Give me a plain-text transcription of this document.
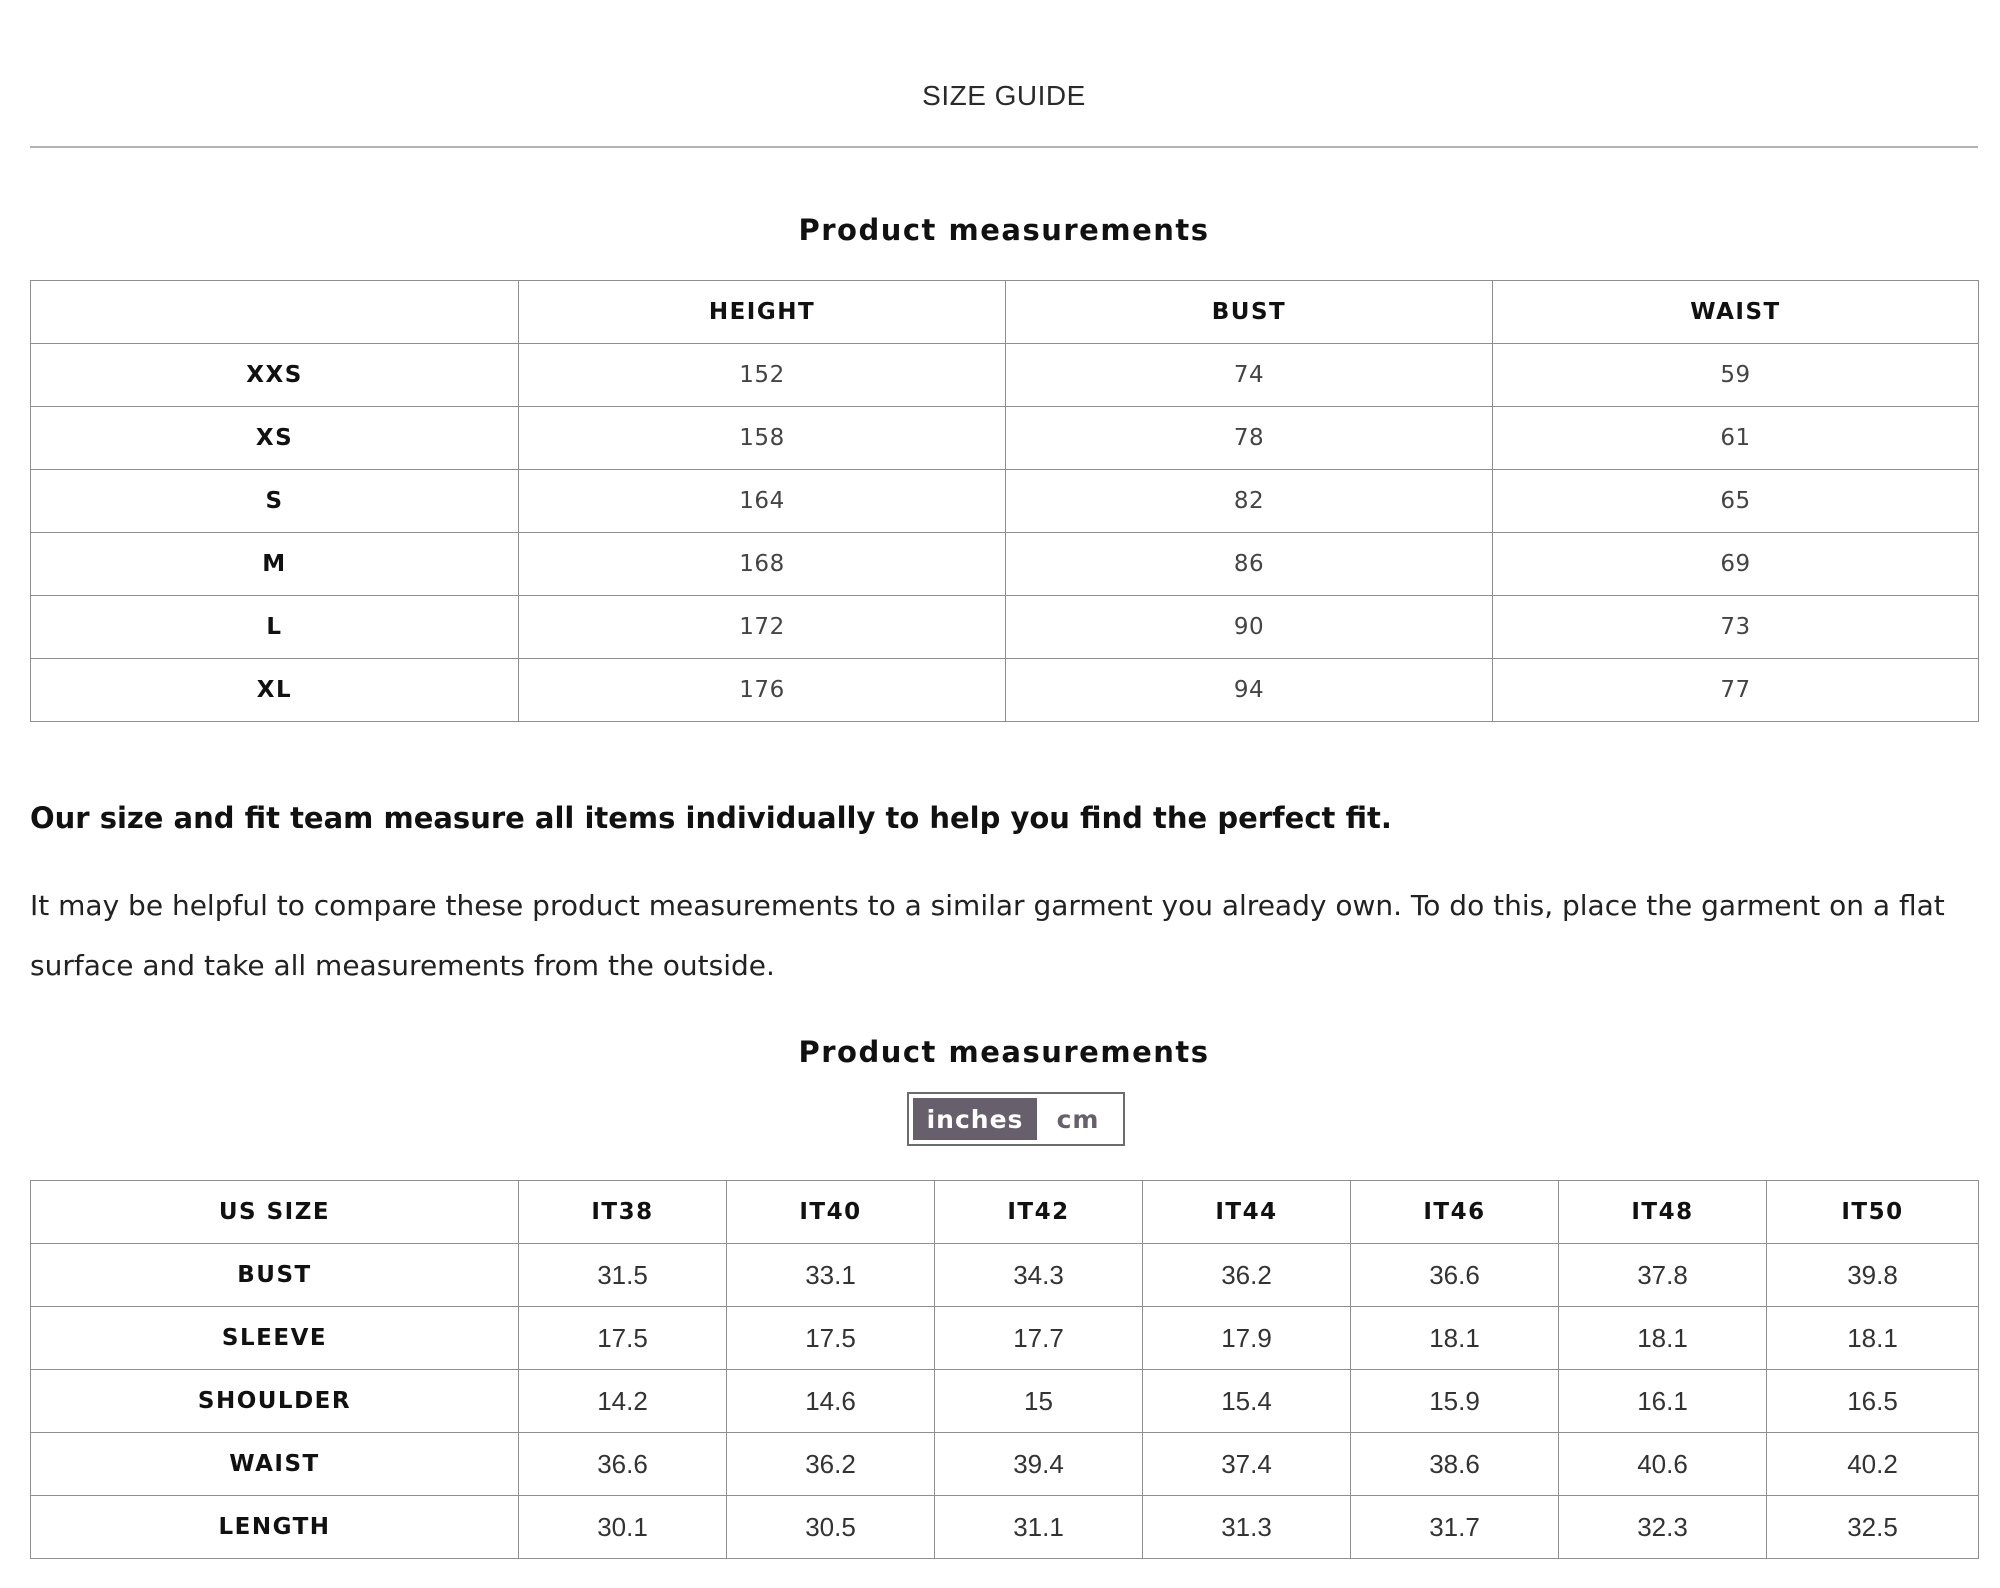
SIZE GUIDE
Product measurements
	HEIGHT	BUST	WAIST
XXS	152	74	59
XS	158	78	61
S	164	82	65
M	168	86	69
L	172	90	73
XL	176	94	77
Our size and fit team measure all items individually to help you find the perfect fit.
It may be helpful to compare these product measurements to a similar garment you already own. To do this, place the garment on a flat surface and take all measurements from the outside.
Product measurements
inches	cm
US SIZE	IT38	IT40	IT42	IT44	IT46	IT48	IT50
BUST	31.5	33.1	34.3	36.2	36.6	37.8	39.8
SLEEVE	17.5	17.5	17.7	17.9	18.1	18.1	18.1
SHOULDER	14.2	14.6	15	15.4	15.9	16.1	16.5
WAIST	36.6	36.2	39.4	37.4	38.6	40.6	40.2
LENGTH	30.1	30.5	31.1	31.3	31.7	32.3	32.5
